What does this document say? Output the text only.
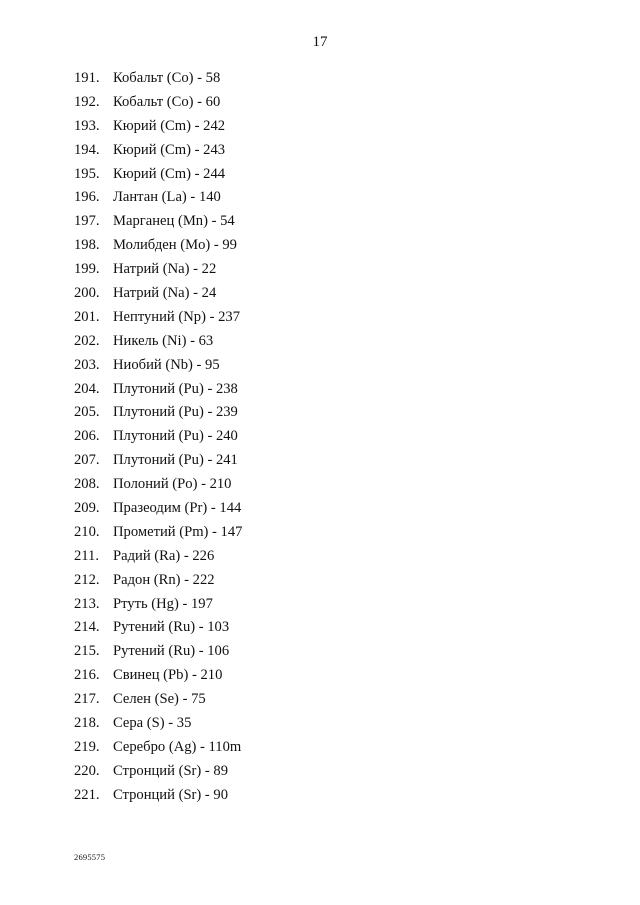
17
191. Кобальт (Co) - 58
192. Кобальт (Co) - 60
193. Кюрий (Cm) - 242
194. Кюрий (Cm) - 243
195. Кюрий (Cm) - 244
196. Лантан (La) - 140
197. Марганец (Mn) - 54
198. Молибден (Mo) - 99
199. Натрий (Na) - 22
200. Натрий (Na) - 24
201. Нептуний (Np) - 237
202. Никель (Ni) - 63
203. Ниобий (Nb) - 95
204. Плутоний (Pu) - 238
205. Плутоний (Pu) - 239
206. Плутоний (Pu) - 240
207. Плутоний (Pu) - 241
208. Полоний (Po) - 210
209. Празеодим (Pr) - 144
210. Прометий (Pm) - 147
211. Радий (Ra) - 226
212. Радон (Rn) - 222
213. Ртуть (Hg) - 197
214. Рутений (Ru) - 103
215. Рутений (Ru) - 106
216. Свинец (Pb) - 210
217. Селен (Se) - 75
218. Сера (S) - 35
219. Серебро (Ag) - 110m
220. Стронций (Sr) - 89
221. Стронций (Sr) - 90
2695575
